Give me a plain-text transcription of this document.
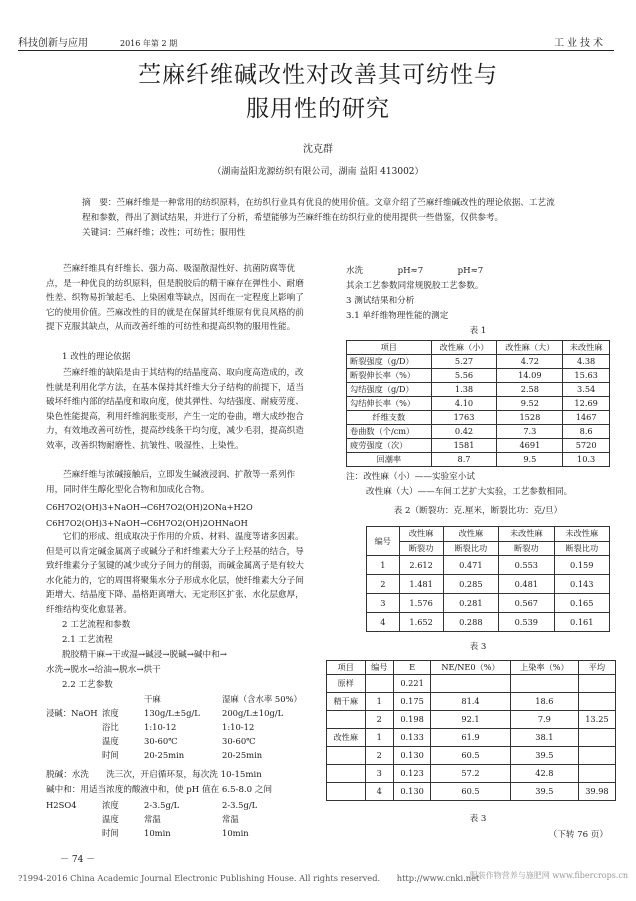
科技创新与应用	2016 年第 2 期	工业技术
苎麻纤维碱改性对改善其可纺性与
服用性的研究
沈克群
（湖南益阳龙源纺织有限公司，湖南 益阳 413002）
摘　要：苎麻纤维是一种常用的纺织原料，在纺织行业具有优良的使用价值。文章介绍了苎麻纤维碱改性的理论依据、工艺流程和参数，得出了测试结果，并进行了分析，希望能够为苎麻纤维在纺织行业的使用提供一些借鉴，仅供参考。
关键词：苎麻纤维；改性；可纺性；服用性
苎麻纤维具有纤维长、强力高、吸湿散湿性好、抗菌防腐等优点，是一种优良的纺织原料，但是脱胶后的精干麻存在弹性小、耐磨性差、织物易折皱起毛、上染困难等缺点，因而在一定程度上影响了它的使用价值。苎麻改性的目的就是在保留其纤维原有优良风格的前提下克服其缺点，从而改善纤维的可纺性和提高织物的服用性能。
1 改性的理论依据
苎麻纤维的缺陷是由于其结构的结晶度高、取向度高造成的，改性就是利用化学方法，在基本保持其纤维大分子结构的前提下，适当破坏纤维内部的结晶度和取向度，使其弹性、勾结强度、耐疲劳度、染色性能提高，利用纤维润胀变形，产生一定的卷曲，增大成纱抱合力，有效地改善可纺性，提高纱线条干均匀度，减少毛羽，提高织造效率，改善织物耐磨性、抗皱性、吸湿性、上染性。
苎麻纤维与浓碱接触后，立即发生碱液浸润、扩散等一系列作用，同时伴生醇化型化合物和加成化合物。
C6H7O2(OH)3+NaOH→C6H7O2(OH)2ONa+H2O
C6H7O2(OH)3+NaOH→C6H7O2(OH)2OHNaOH
它们的形成、组成取决于作用的介质、材料、温度等诸多因素。但是可以肯定碱金属离子或碱分子和纤维素大分子上羟基的结合，导致纤维素分子氢键的减少或分子间力的削弱，而碱金属离子是有较大水化能力的，它的周围将聚集水分子形成水化层，使纤维素大分子间距增大、结晶度下降、晶格距离增大、无定形区扩张、水化层愈厚，纤维结构变化愈显著。
2 工艺流程和参数
2.1 工艺流程
脱胶精干麻→干或湿→碱浸→脱碱→碱中和→
水洗→脱水→给油→脱水→烘干
2.2 工艺参数
干麻	湿麻（含水率 50%）
浸碱：NaOH 浓度	130g/L±5g/L	200g/L±10g/L
浴比	1:10-12	1:10-12
温度	30-60℃	30-60℃
时间	20-25min	20-25min
脱碱：水洗　　洗三次，开启循环泵，每次洗 10-15min
碱中和：用适当浓度的酸液中和，使 pH 值在 6.5-8.0 之间
H2SO4	浓度	2-3.5g/L	2-3.5g/L
温度	常温	常温
时间	10min	10min
水洗　　　　pH≈7　　　　pH≈7
其余工艺参数同常规脱胶工艺参数。
3 测试结果和分析
3.1 单纤维物理性能的测定
表 1
项目	改性麻（小）	改性麻（大）	未改性麻
断裂强度（g/D）	5.27	4.72	4.38
断裂伸长率（%）	5.56	14.09	15.63
勾结强度（g/D）	1.38	2.58	3.54
勾结伸长率（%）	4.10	9.52	12.69
纤维支数	1763	1528	1467
卷曲数（个/cm）	0.42	7.3	8.6
疲劳强度（次）	1581	4691	5720
回潮率	8.7	9.5	10.3
注：改性麻（小）——实验室小试
改性麻（大）——车间工艺扩大实验，工艺参数相同。
表 2（断裂功：克.厘米，断裂比功：克/旦）
编号	改性麻	改性麻	未改性麻	未改性麻
	断裂功	断裂比功	断裂功	断裂比功
1	2.612	0.471	0.553	0.159
2	1.481	0.285	0.481	0.143
3	1.576	0.281	0.567	0.165
4	1.652	0.288	0.539	0.161
表 3
项目	编号	E	NE/NE0（%）	上染率（%）	平均
原样		0.221			
精干麻	1	0.175	81.4	18.6	
	2	0.198	92.1	7.9	13.25
改性麻	1	0.133	61.9	38.1	
	2	0.130	60.5	39.5	
	3	0.123	57.2	42.8	
	4	0.130	60.5	39.5	39.98
表 3
（下转 76 页）
－ 74 －
?1994-2016 China Academic Journal Electronic Publishing House. All rights reserved.　　http://www.cnki.net
服装作物营养与施肥网 www.fibercrops.cn
